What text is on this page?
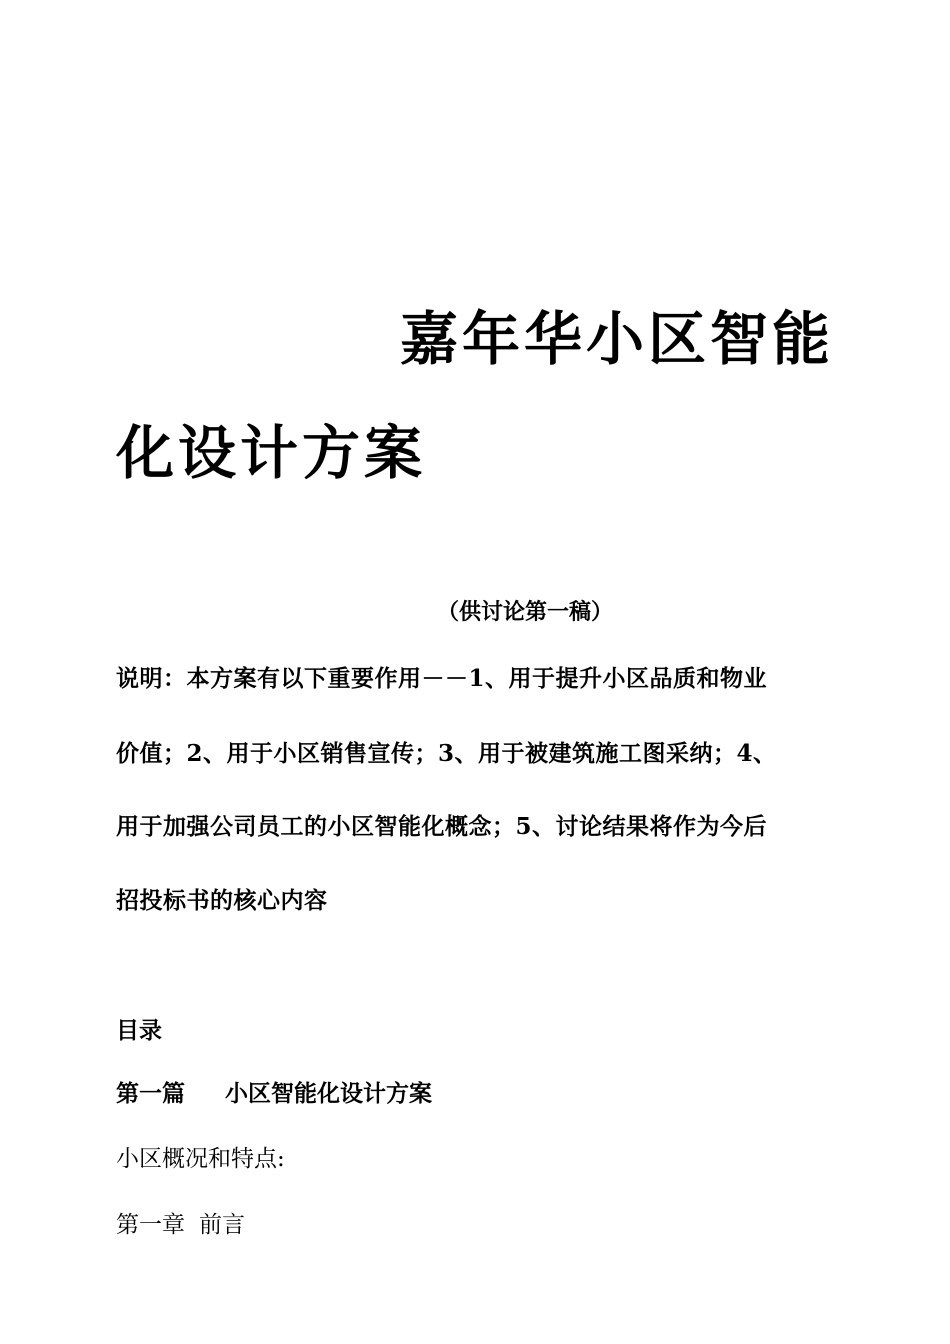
嘉年华小区智能
化设计方案
（供讨论第一稿）
说明：本方案有以下重要作用－－1、用于提升小区品质和物业
价值；2、用于小区销售宣传；3、用于被建筑施工图采纳；4、
用于加强公司员工的小区智能化概念；5、讨论结果将作为今后
招投标书的核心内容
目录
第一篇 小区智能化设计方案
小区概况和特点:
第一章 前言
